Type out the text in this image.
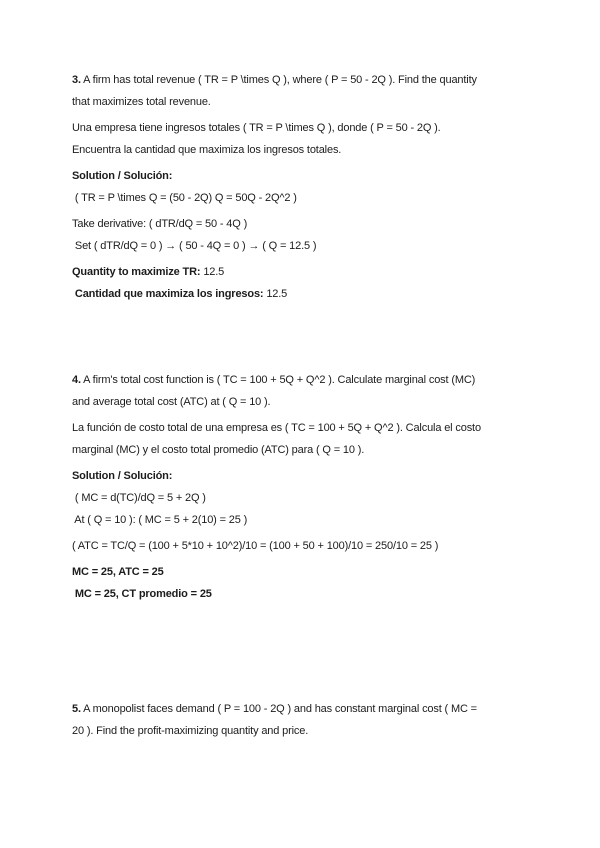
3. A firm has total revenue ( TR = P \times Q ), where ( P = 50 - 2Q ). Find the quantity
that maximizes total revenue.
Una empresa tiene ingresos totales ( TR = P \times Q ), donde ( P = 50 - 2Q ).
Encuentra la cantidad que maximiza los ingresos totales.
Solution / Solución:
( TR = P \times Q = (50 - 2Q) Q = 50Q - 2Q^2 )
Take derivative: ( dTR/dQ = 50 - 4Q )
Set ( dTR/dQ = 0 ) → ( 50 - 4Q = 0 ) → ( Q = 12.5 )
Quantity to maximize TR: 12.5
Cantidad que maximiza los ingresos: 12.5
4. A firm's total cost function is ( TC = 100 + 5Q + Q^2 ). Calculate marginal cost (MC)
and average total cost (ATC) at ( Q = 10 ).
La función de costo total de una empresa es ( TC = 100 + 5Q + Q^2 ). Calcula el costo
marginal (MC) y el costo total promedio (ATC) para ( Q = 10 ).
Solution / Solución:
( MC = d(TC)/dQ = 5 + 2Q )
At ( Q = 10 ): ( MC = 5 + 2(10) = 25 )
( ATC = TC/Q = (100 + 5*10 + 10^2)/10 = (100 + 50 + 100)/10 = 250/10 = 25 )
MC = 25, ATC = 25
MC = 25, CT promedio = 25
5. A monopolist faces demand ( P = 100 - 2Q ) and has constant marginal cost ( MC =
20 ). Find the profit-maximizing quantity and price.
